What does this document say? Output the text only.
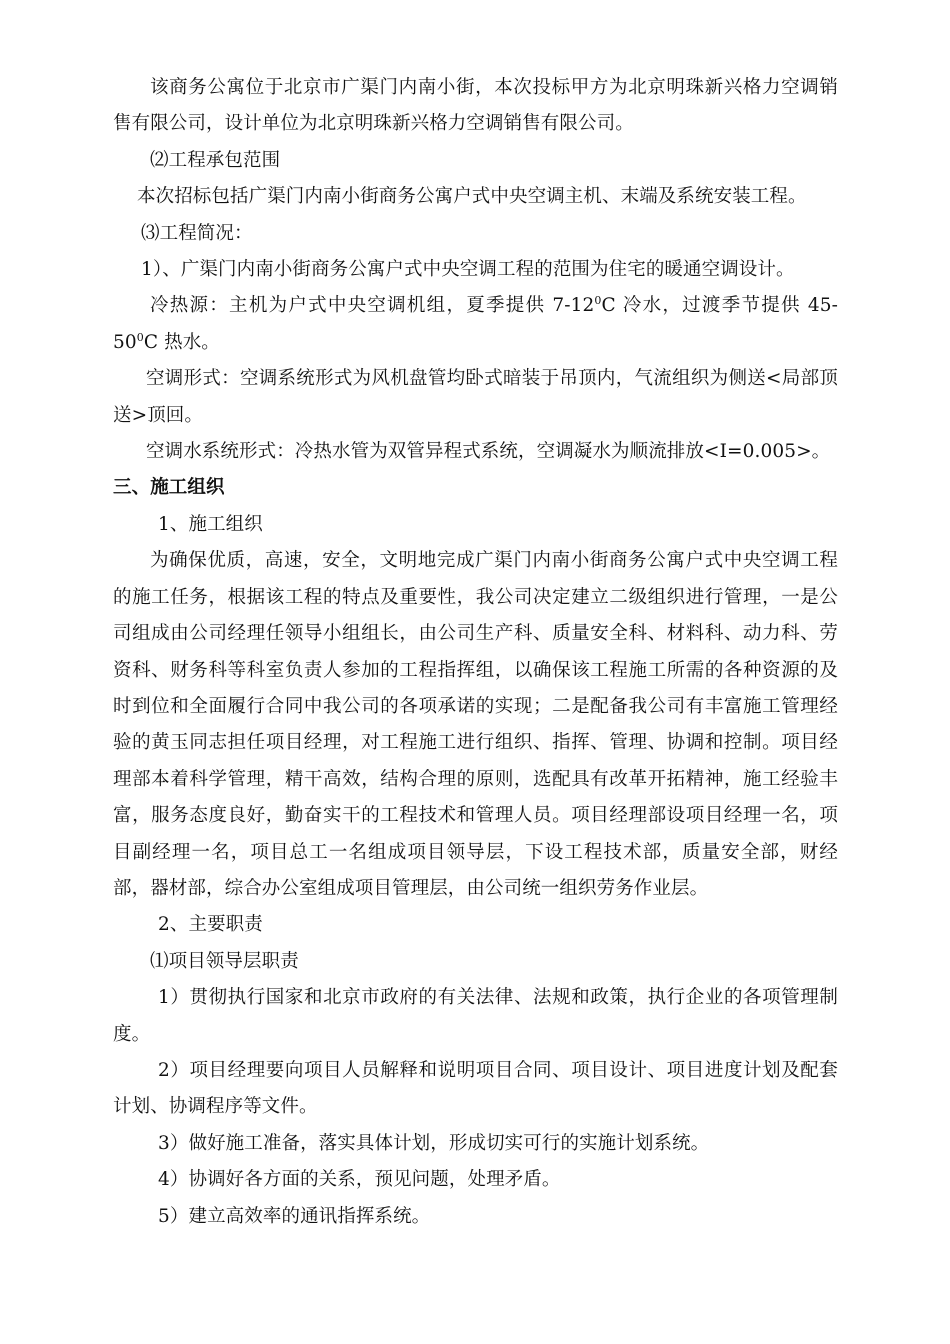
该商务公寓位于北京市广渠门内南小街，本次投标甲方为北京明珠新兴格力空调销售有限公司，设计单位为北京明珠新兴格力空调销售有限公司。

⑵工程承包范围

本次招标包括广渠门内南小街商务公寓户式中央空调主机、末端及系统安装工程。

⑶工程简况：

1）、广渠门内南小街商务公寓户式中央空调工程的范围为住宅的暖通空调设计。

冷热源：主机为户式中央空调机组，夏季提供 $7-12^0C$ 冷水，过渡季节提供 $45-50^0C$ 热水。

空调形式：空调系统形式为风机盘管均卧式暗装于吊顶内，气流组织为侧送<局部顶送>顶回。

空调水系统形式：冷热水管为双管异程式系统，空调凝水为顺流排放<I=0.005>。

三、施工组织

1、施工组织

为确保优质，高速，安全，文明地完成广渠门内南小街商务公寓户式中央空调工程的施工任务，根据该工程的特点及重要性，我公司决定建立二级组织进行管理，一是公司组成由公司经理任领导小组组长，由公司生产科、质量安全科、材料科、动力科、劳资科、财务科等科室负责人参加的工程指挥组，以确保该工程施工所需的各种资源的及时到位和全面履行合同中我公司的各项承诺的实现；二是配备我公司有丰富施工管理经验的黄玉同志担任项目经理，对工程施工进行组织、指挥、管理、协调和控制。项目经理部本着科学管理，精干高效，结构合理的原则，选配具有改革开拓精神，施工经验丰富，服务态度良好，勤奋实干的工程技术和管理人员。项目经理部设项目经理一名，项目副经理一名，项目总工一名组成项目领导层，下设工程技术部，质量安全部，财经部，器材部，综合办公室组成项目管理层，由公司统一组织劳务作业层。

2、主要职责

⑴项目领导层职责

1）贯彻执行国家和北京市政府的有关法律、法规和政策，执行企业的各项管理制度。

2）项目经理要向项目人员解释和说明项目合同、项目设计、项目进度计划及配套计划、协调程序等文件。

3）做好施工准备，落实具体计划，形成切实可行的实施计划系统。

4）协调好各方面的关系，预见问题，处理矛盾。

5）建立高效率的通讯指挥系统。
